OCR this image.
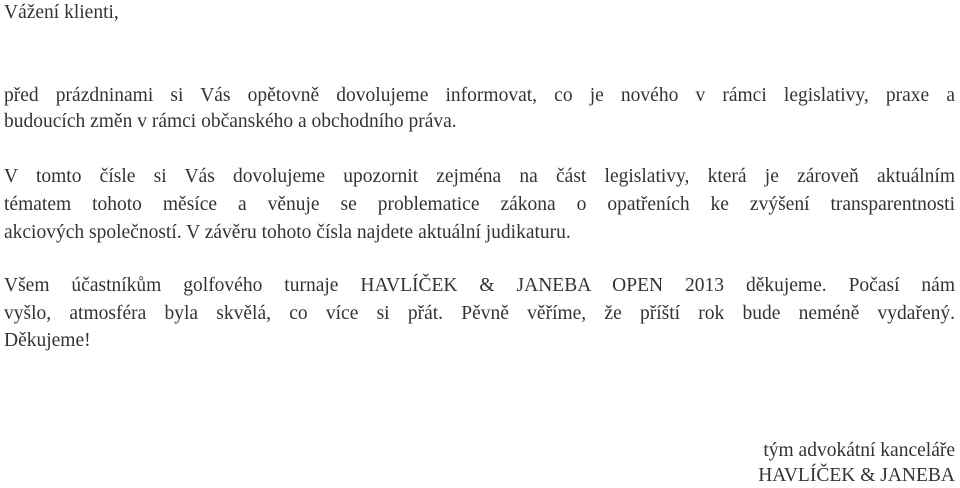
Vážení klienti,
před prázdninami si Vás opětovně dovolujeme informovat, co je nového v rámci legislativy, praxe a
budoucích změn v rámci občanského a obchodního práva.
V tomto čísle si Vás dovolujeme upozornit zejména na část legislativy, která je zároveň aktuálním
tématem tohoto měsíce a věnuje se problematice zákona o opatřeních ke zvýšení transparentnosti
akciových společností. V závěru tohoto čísla najdete aktuální judikaturu.
Všem účastníkům golfového turnaje HAVLÍČEK & JANEBA OPEN 2013 děkujeme. Počasí nám
vyšlo, atmosféra byla skvělá, co více si přát. Pěvně věříme, že příští rok bude neméně vydařený.
Děkujeme!
tým advokátní kanceláře
HAVLÍČEK & JANEBA
